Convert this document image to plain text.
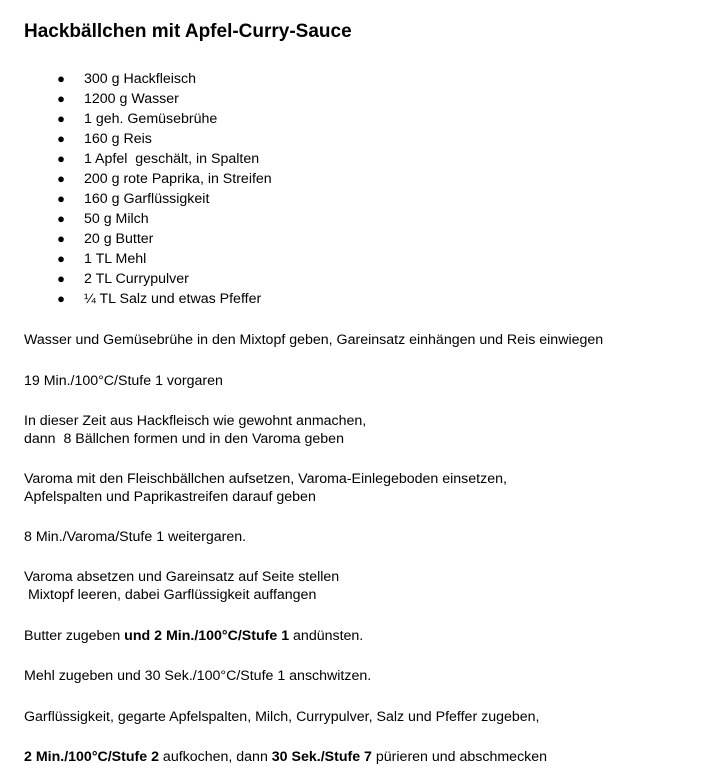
Hackbällchen mit Apfel-Curry-Sauce
● 300 g Hackfleisch
● 1200 g Wasser
● 1 geh. Gemüsebrühe
● 160 g Reis
● 1 Apfel  geschält, in Spalten
● 200 g rote Paprika, in Streifen
● 160 g Garflüssigkeit
● 50 g Milch
● 20 g Butter
● 1 TL Mehl
● 2 TL Currypulver
● ¼ TL Salz und etwas Pfeffer

Wasser und Gemüsebrühe in den Mixtopf geben, Gareinsatz einhängen und Reis einwiegen

19 Min./100°C/Stufe 1 vorgaren

In dieser Zeit aus Hackfleisch wie gewohnt anmachen,
dann  8 Bällchen formen und in den Varoma geben

Varoma mit den Fleischbällchen aufsetzen, Varoma-Einlegeboden einsetzen,
Apfelspalten und Paprikastreifen darauf geben

8 Min./Varoma/Stufe 1 weitergaren.

Varoma absetzen und Gareinsatz auf Seite stellen
Mixtopf leeren, dabei Garflüssigkeit auffangen

Butter zugeben und 2 Min./100°C/Stufe 1 andünsten.

Mehl zugeben und 30 Sek./100°C/Stufe 1 anschwitzen.

Garflüssigkeit, gegarte Apfelspalten, Milch, Currypulver, Salz und Pfeffer zugeben,

2 Min./100°C/Stufe 2 aufkochen, dann 30 Sek./Stufe 7 pürieren und abschmecken
